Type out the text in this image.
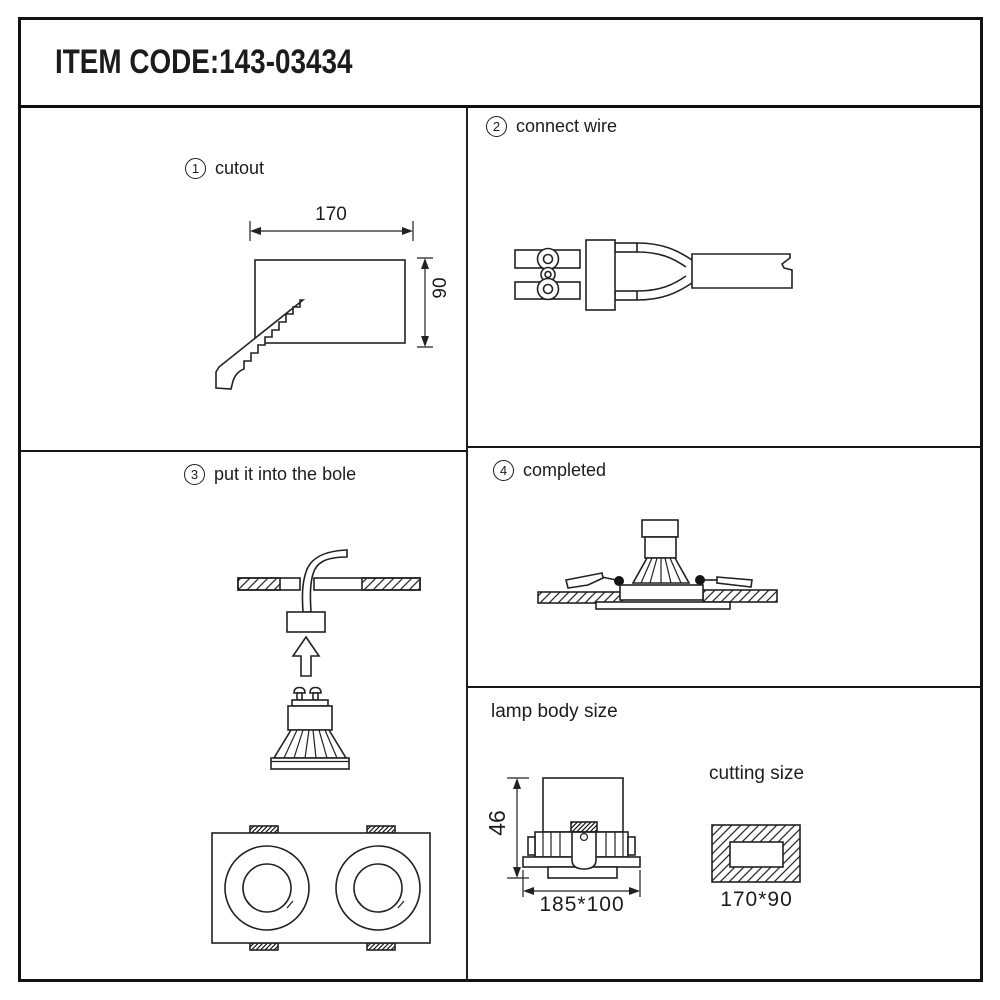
ITEM CODE:143-03434
1 cutout
2 connect wire
3 put it into the bole	4 completed
lamp body size
cutting size
170
90
46
185*100	170*90
